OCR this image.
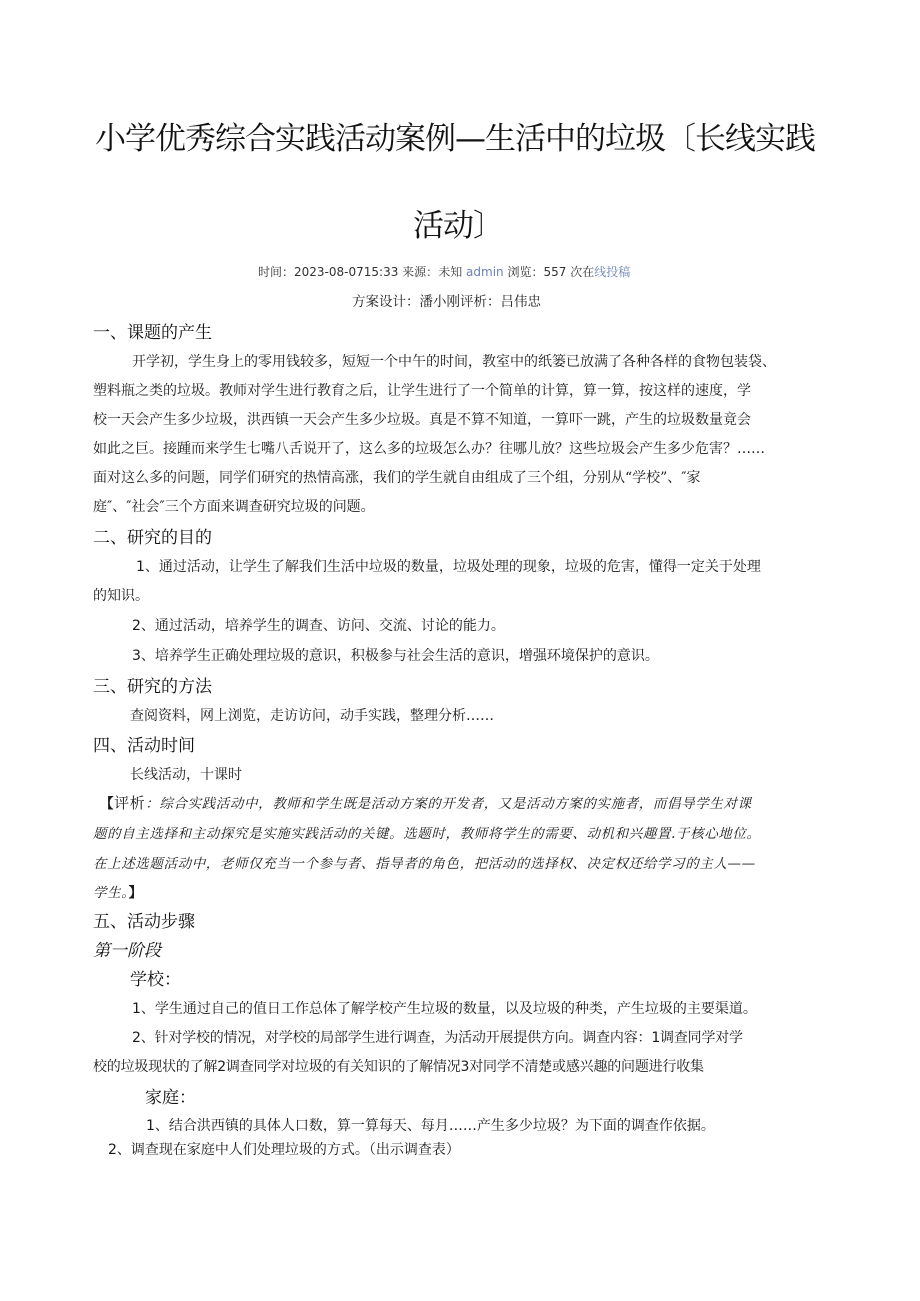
小学优秀综合实践活动案例—生活中的垃圾〔长线实践
活动〕
时间：2023-08-0715:33 来源：未知 admin 浏览：557 次在线投稿
方案设计：潘小刚评析：吕伟忠
一、课题的产生
开学初，学生身上的零用钱较多，短短一个中午的时间，教室中的纸篓已放满了各种各样的食物包装袋、
塑料瓶之类的垃圾。教师对学生进行教育之后，让学生进行了一个简单的计算，算一算，按这样的速度，学
校一天会产生多少垃圾，洪西镇一天会产生多少垃圾。真是不算不知道，一算吓一跳，产生的垃圾数量竟会
如此之巨。接踵而来学生七嘴八舌说开了，这么多的垃圾怎么办？往哪儿放？这些垃圾会产生多少危害？……
面对这么多的问题，同学们研究的热情高涨，我们的学生就自由组成了三个组，分别从“学校”、″家
庭″、″社会″三个方面来调查研究垃圾的问题。
二、研究的目的
1、通过活动，让学生了解我们生活中垃圾的数量，垃圾处理的现象，垃圾的危害，懂得一定关于处理
的知识。
2、通过活动，培养学生的调查、访问、交流、讨论的能力。
3、培养学生正确处理垃圾的意识，积极参与社会生活的意识，增强环境保护的意识。
三、研究的方法
查阅资料，网上浏览，走访访问，动手实践，整理分析……
四、活动时间
长线活动，十课时
【评析：综合实践活动中，教师和学生既是活动方案的开发者，又是活动方案的实施者，而倡导学生对课
题的自主选择和主动探究是实施实践活动的关键。选题时，教师将学生的需要、动机和兴趣置.于核心地位。
在上述选题活动中，老师仅充当一个参与者、指导者的角色，把活动的选择权、决定权还给学习的主人——
学生。】
五、活动步骤
第一阶段
学校：
1、学生通过自己的值日工作总体了解学校产生垃圾的数量，以及垃圾的种类，产生垃圾的主要渠道。
2、针对学校的情况，对学校的局部学生进行调查，为活动开展提供方向。调查内容：1调查同学对学
校的垃圾现状的了解2调查同学对垃圾的有关知识的了解情况3对同学不清楚或感兴趣的问题进行收集
家庭：
1、结合洪西镇的具体人口数，算一算每天、每月……产生多少垃圾？为下面的调查作依据。
2、调查现在家庭中人们处理垃圾的方式。（出示调查表）
